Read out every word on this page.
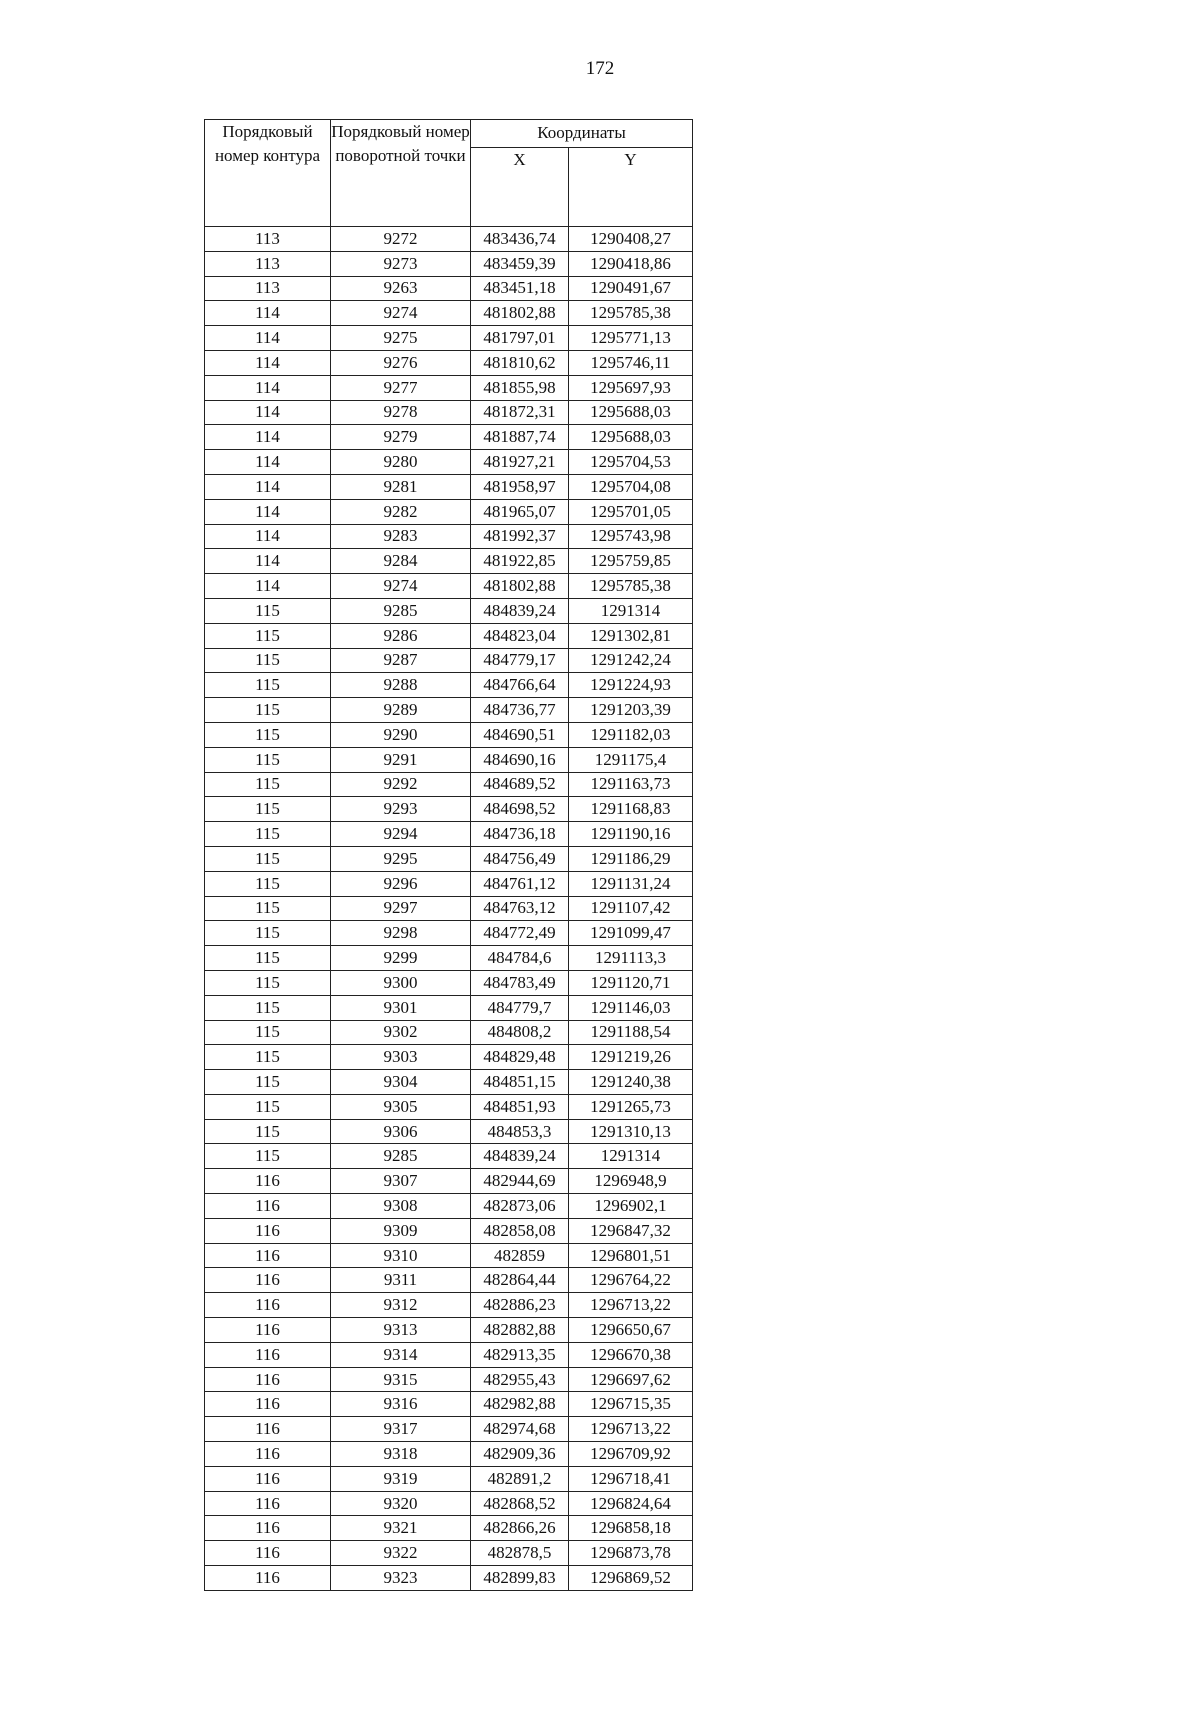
172
Порядковый номер контура	Порядковый номер поворотной точки	Координаты	
		X	Y
113	9272	483436,74	1290408,27
113	9273	483459,39	1290418,86
113	9263	483451,18	1290491,67
114	9274	481802,88	1295785,38
114	9275	481797,01	1295771,13
114	9276	481810,62	1295746,11
114	9277	481855,98	1295697,93
114	9278	481872,31	1295688,03
114	9279	481887,74	1295688,03
114	9280	481927,21	1295704,53
114	9281	481958,97	1295704,08
114	9282	481965,07	1295701,05
114	9283	481992,37	1295743,98
114	9284	481922,85	1295759,85
114	9274	481802,88	1295785,38
115	9285	484839,24	1291314
115	9286	484823,04	1291302,81
115	9287	484779,17	1291242,24
115	9288	484766,64	1291224,93
115	9289	484736,77	1291203,39
115	9290	484690,51	1291182,03
115	9291	484690,16	1291175,4
115	9292	484689,52	1291163,73
115	9293	484698,52	1291168,83
115	9294	484736,18	1291190,16
115	9295	484756,49	1291186,29
115	9296	484761,12	1291131,24
115	9297	484763,12	1291107,42
115	9298	484772,49	1291099,47
115	9299	484784,6	1291113,3
115	9300	484783,49	1291120,71
115	9301	484779,7	1291146,03
115	9302	484808,2	1291188,54
115	9303	484829,48	1291219,26
115	9304	484851,15	1291240,38
115	9305	484851,93	1291265,73
115	9306	484853,3	1291310,13
115	9285	484839,24	1291314
116	9307	482944,69	1296948,9
116	9308	482873,06	1296902,1
116	9309	482858,08	1296847,32
116	9310	482859	1296801,51
116	9311	482864,44	1296764,22
116	9312	482886,23	1296713,22
116	9313	482882,88	1296650,67
116	9314	482913,35	1296670,38
116	9315	482955,43	1296697,62
116	9316	482982,88	1296715,35
116	9317	482974,68	1296713,22
116	9318	482909,36	1296709,92
116	9319	482891,2	1296718,41
116	9320	482868,52	1296824,64
116	9321	482866,26	1296858,18
116	9322	482878,5	1296873,78
116	9323	482899,83	1296869,52
